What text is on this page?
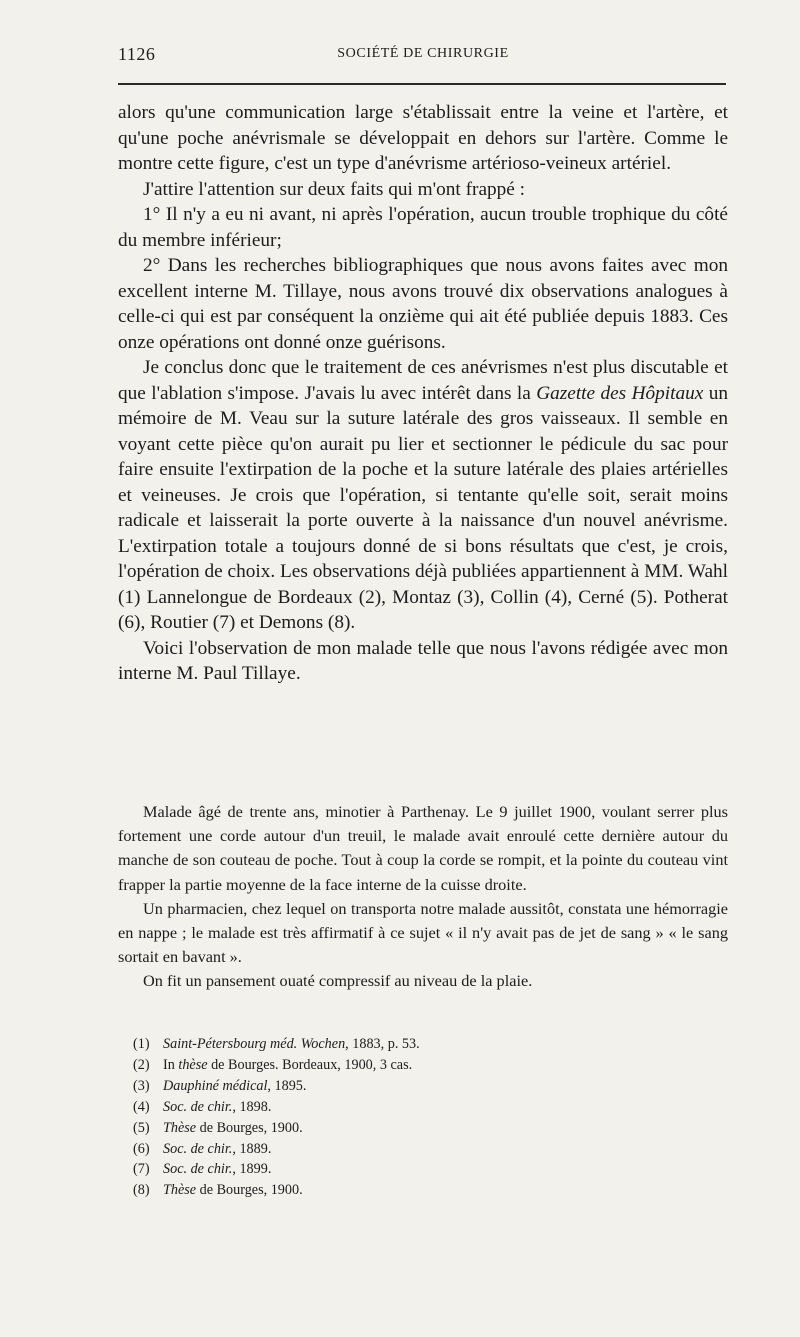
1126	SOCIÉTÉ DE CHIRURGIE

alors qu'une communication large s'établissait entre la veine et l'artère, et qu'une poche anévrismale se développait en dehors sur l'artère. Comme le montre cette figure, c'est un type d'anévrisme artérioso-veineux artériel.

J'attire l'attention sur deux faits qui m'ont frappé :

1° Il n'y a eu ni avant, ni après l'opération, aucun trouble trophique du côté du membre inférieur;

2° Dans les recherches bibliographiques que nous avons faites avec mon excellent interne M. Tillaye, nous avons trouvé dix observations analogues à celle-ci qui est par conséquent la onzième qui ait été publiée depuis 1883. Ces onze opérations ont donné onze guérisons.

Je conclus donc que le traitement de ces anévrismes n'est plus discutable et que l'ablation s'impose. J'avais lu avec intérêt dans la Gazette des Hôpitaux un mémoire de M. Veau sur la suture latérale des gros vaisseaux. Il semble en voyant cette pièce qu'on aurait pu lier et sectionner le pédicule du sac pour faire ensuite l'extirpation de la poche et la suture latérale des plaies artérielles et veineuses. Je crois que l'opération, si tentante qu'elle soit, serait moins radicale et laisserait la porte ouverte à la naissance d'un nouvel anévrisme. L'extirpation totale a toujours donné de si bons résultats que c'est, je crois, l'opération de choix. Les observations déjà publiées appartiennent à MM. Wahl (1) Lannelongue de Bordeaux (2), Montaz (3), Collin (4), Cerné (5). Potherat (6), Routier (7) et Demons (8).

Voici l'observation de mon malade telle que nous l'avons rédigée avec mon interne M. Paul Tillaye.

Malade âgé de trente ans, minotier à Parthenay. Le 9 juillet 1900, voulant serrer plus fortement une corde autour d'un treuil, le malade avait enroulé cette dernière autour du manche de son couteau de poche. Tout à coup la corde se rompit, et la pointe du couteau vint frapper la partie moyenne de la face interne de la cuisse droite.

Un pharmacien, chez lequel on transporta notre malade aussitôt, constata une hémorragie en nappe ; le malade est très affirmatif à ce sujet « il n'y avait pas de jet de sang » « le sang sortait en bavant ».

On fit un pansement ouaté compressif au niveau de la plaie.

(1) Saint-Pétersbourg méd. Wochen, 1883, p. 53.
(2) In thèse de Bourges. Bordeaux, 1900, 3 cas.
(3) Dauphiné médical, 1895.
(4) Soc. de chir., 1898.
(5) Thèse de Bourges, 1900.
(6) Soc. de chir., 1889.
(7) Soc. de chir., 1899.
(8) Thèse de Bourges, 1900.
